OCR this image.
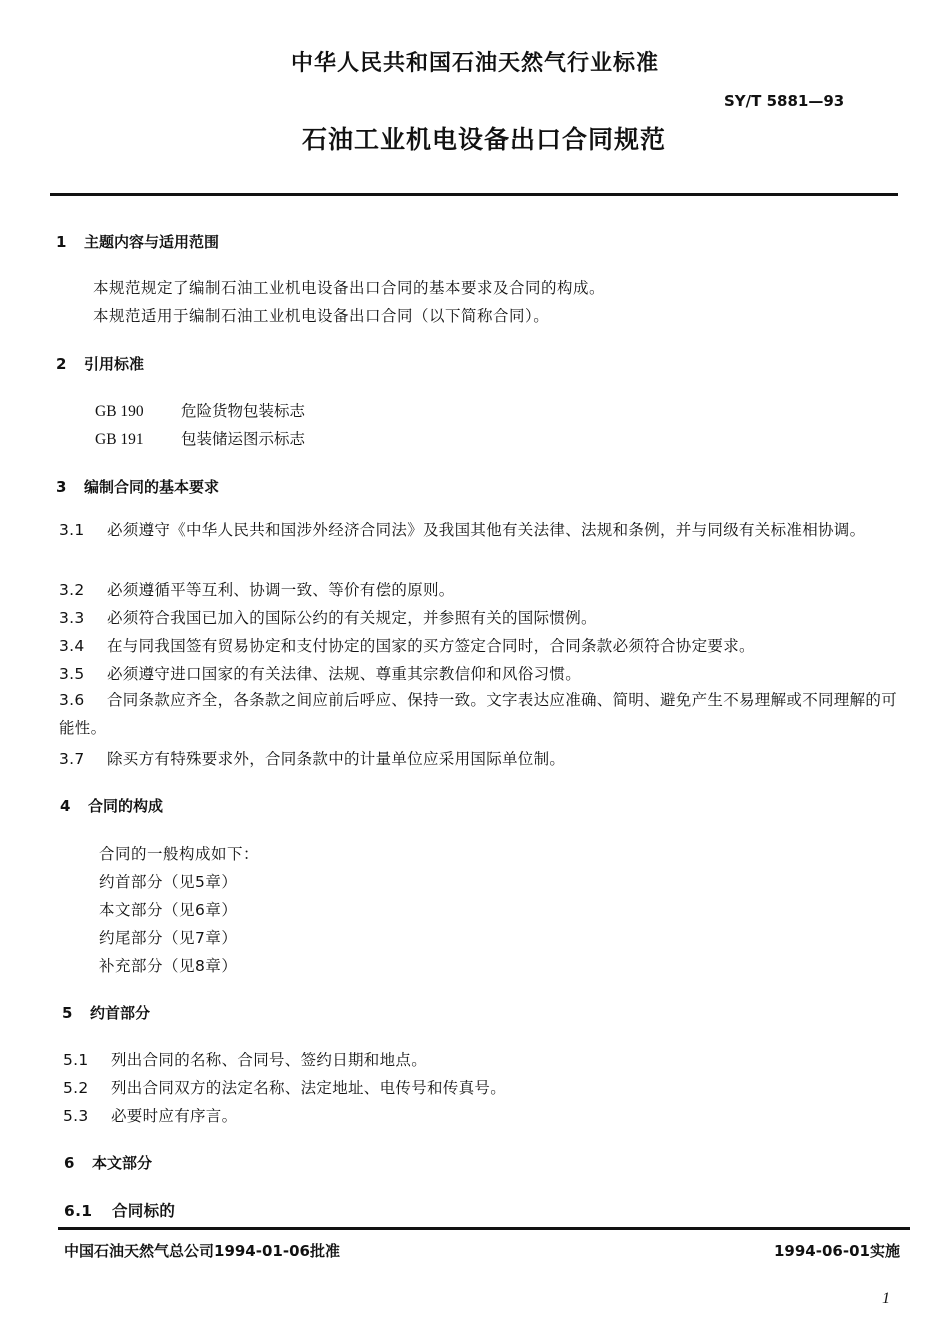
中华人民共和国石油天然气行业标准
SY/T 5881—93
石油工业机电设备出口合同规范
1 主题内容与适用范围
本规范规定了编制石油工业机电设备出口合同的基本要求及合同的构成。
本规范适用于编制石油工业机电设备出口合同（以下简称合同）。
2 引用标准
GB 190 危险货物包装标志
GB 191 包装储运图示标志
3 编制合同的基本要求
3.1 必须遵守《中华人民共和国涉外经济合同法》及我国其他有关法律、法规和条例，并与同级有关标准相协调。
3.2 必须遵循平等互利、协调一致、等价有偿的原则。
3.3 必须符合我国已加入的国际公约的有关规定，并参照有关的国际惯例。
3.4 在与同我国签有贸易协定和支付协定的国家的买方签定合同时，合同条款必须符合协定要求。
3.5 必须遵守进口国家的有关法律、法规、尊重其宗教信仰和风俗习惯。
3.6 合同条款应齐全，各条款之间应前后呼应、保持一致。文字表达应准确、简明、避免产生不易理解或不同理解的可能性。
3.7 除买方有特殊要求外，合同条款中的计量单位应采用国际单位制。
4 合同的构成
合同的一般构成如下：
约首部分（见5章）
本文部分（见6章）
约尾部分（见7章）
补充部分（见8章）
5 约首部分
5.1 列出合同的名称、合同号、签约日期和地点。
5.2 列出合同双方的法定名称、法定地址、电传号和传真号。
5.3 必要时应有序言。
6 本文部分
6.1 合同标的
中国石油天然气总公司1994-01-06批准	1994-06-01实施
1
